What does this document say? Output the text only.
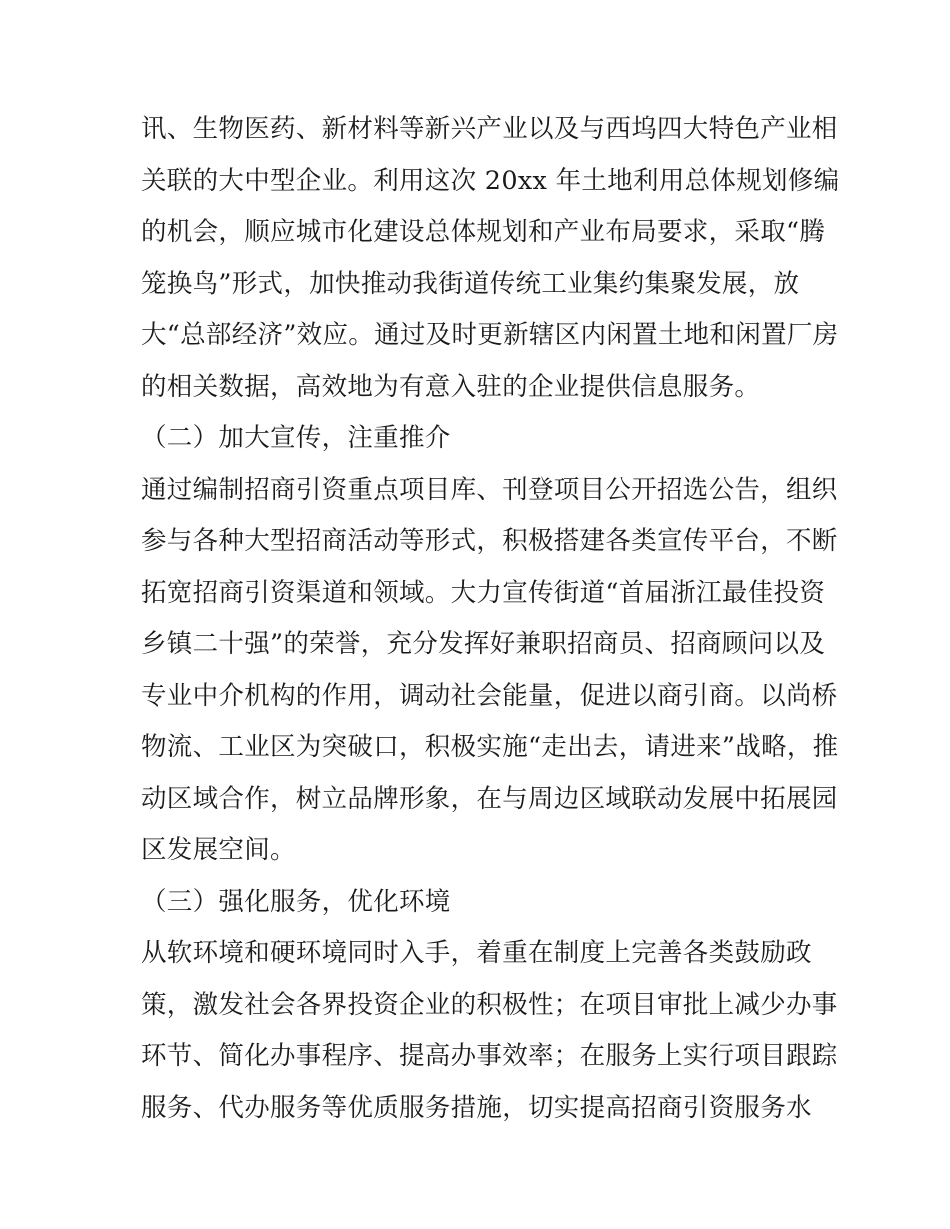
讯、生物医药、新材料等新兴产业以及与西坞四大特色产业相
关联的大中型企业。利用这次 20xx 年土地利用总体规划修编
的机会，顺应城市化建设总体规划和产业布局要求，采取“腾
笼换鸟”形式，加快推动我街道传统工业集约集聚发展，放
大“总部经济”效应。通过及时更新辖区内闲置土地和闲置厂房
的相关数据，高效地为有意入驻的企业提供信息服务。
（二）加大宣传，注重推介
通过编制招商引资重点项目库、刊登项目公开招选公告，组织
参与各种大型招商活动等形式，积极搭建各类宣传平台，不断
拓宽招商引资渠道和领域。大力宣传街道“首届浙江最佳投资
乡镇二十强”的荣誉，充分发挥好兼职招商员、招商顾问以及
专业中介机构的作用，调动社会能量，促进以商引商。以尚桥
物流、工业区为突破口，积极实施“走出去，请进来”战略，推
动区域合作，树立品牌形象，在与周边区域联动发展中拓展园
区发展空间。
（三）强化服务，优化环境
从软环境和硬环境同时入手，着重在制度上完善各类鼓励政
策，激发社会各界投资企业的积极性；在项目审批上减少办事
环节、简化办事程序、提高办事效率；在服务上实行项目跟踪
服务、代办服务等优质服务措施，切实提高招商引资服务水
